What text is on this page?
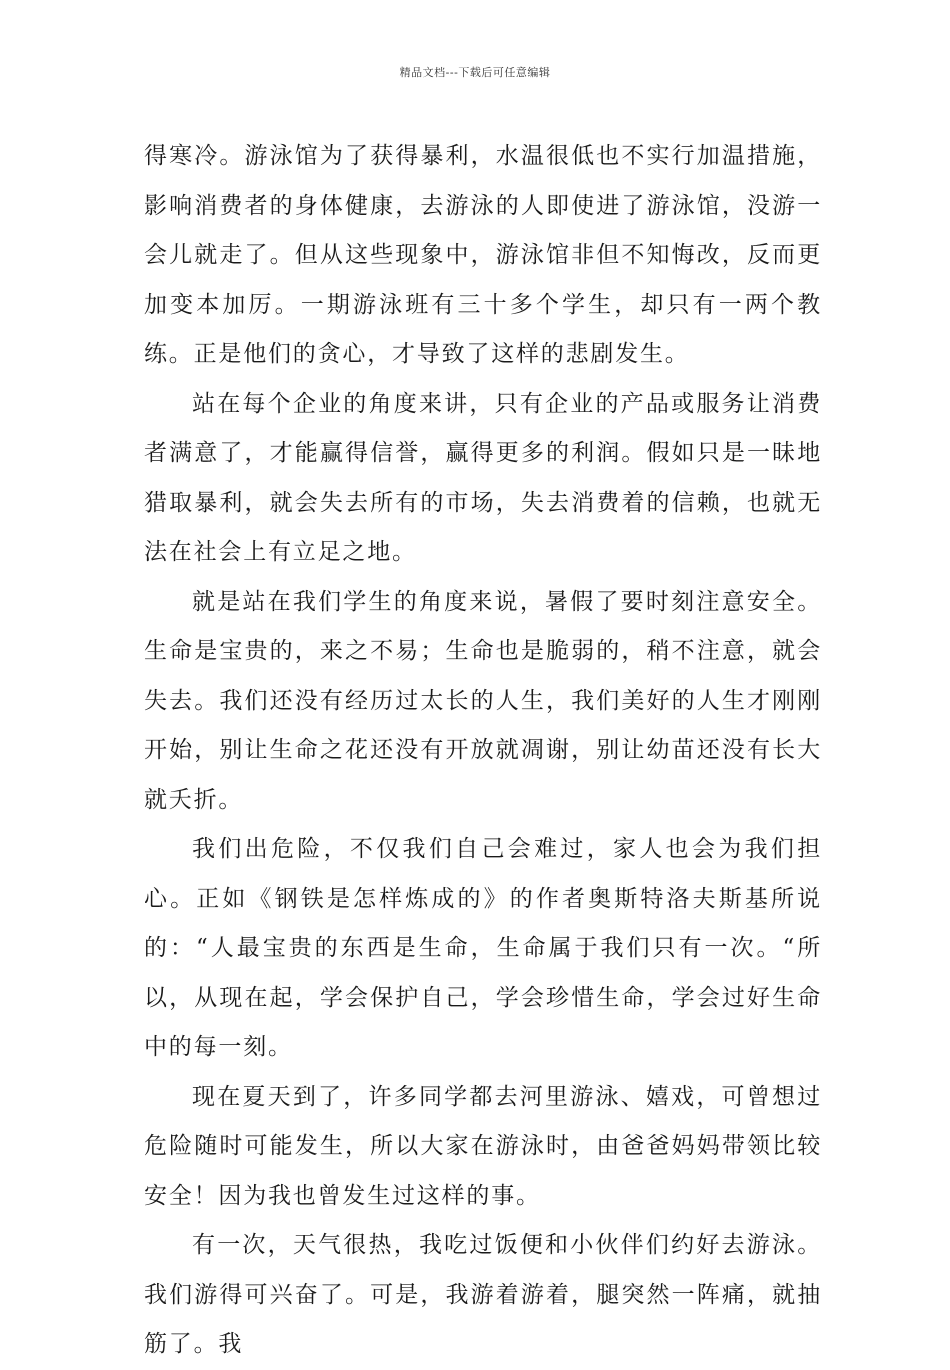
精品文档---下载后可任意编辑

得寒冷。游泳馆为了获得暴利，水温很低也不实行加温措施，影响消费者的身体健康，去游泳的人即使进了游泳馆，没游一会儿就走了。但从这些现象中，游泳馆非但不知悔改，反而更加变本加厉。一期游泳班有三十多个学生，却只有一两个教练。正是他们的贪心，才导致了这样的悲剧发生。

站在每个企业的角度来讲，只有企业的产品或服务让消费者满意了，才能赢得信誉，赢得更多的利润。假如只是一昧地猎取暴利，就会失去所有的市场，失去消费着的信赖，也就无法在社会上有立足之地。

就是站在我们学生的角度来说，暑假了要时刻注意安全。生命是宝贵的，来之不易；生命也是脆弱的，稍不注意，就会失去。我们还没有经历过太长的人生，我们美好的人生才刚刚开始，别让生命之花还没有开放就凋谢，别让幼苗还没有长大就夭折。

我们出危险，不仅我们自己会难过，家人也会为我们担心。正如《钢铁是怎样炼成的》的作者奥斯特洛夫斯基所说的：“人最宝贵的东西是生命，生命属于我们只有一次。“所以，从现在起，学会保护自己，学会珍惜生命，学会过好生命中的每一刻。

现在夏天到了，许多同学都去河里游泳、嬉戏，可曾想过危险随时可能发生，所以大家在游泳时，由爸爸妈妈带领比较安全！因为我也曾发生过这样的事。

有一次，天气很热，我吃过饭便和小伙伴们约好去游泳。我们游得可兴奋了。可是，我游着游着，腿突然一阵痛，就抽筋了。我
